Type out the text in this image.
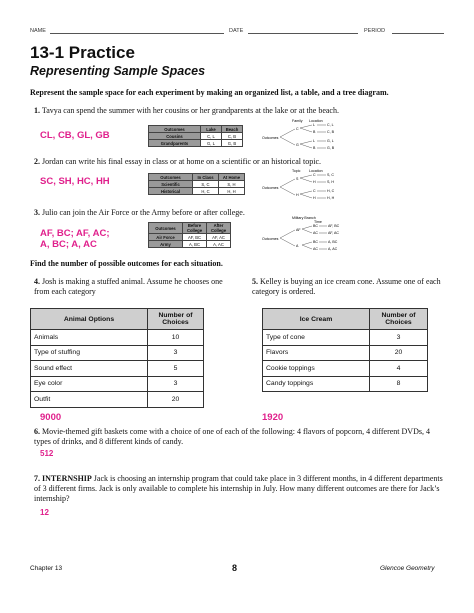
NAME	DATE	PERIOD
13-1 Practice
Representing Sample Spaces
Represent the sample space for each experiment by making an organized list, a table, and a tree diagram.
1. Tavya can spend the summer with her cousins or her grandparents at the lake or at the beach.
CL, CB, GL, GB
Outcomes	Lake	Beach
Cousins	C, L	C, B
Grandparents	G, L	G, B
Family Location
Outcomes
C
G
L
B
L
B
C, L
C, B
G, L
G, B
2. Jordan can write his final essay in class or at home on a scientific or an historical topic.
SC, SH, HC, HH	Outcomes	In Class	At Home
Scientific	S, C	S, H
Historical	H, C	H, H
Topic Location
Outcomes
S
H
C
H
C
H
S, C
S, H
H, C
H, H
3. Julio can join the Air Force or the Army before or after college.
AF, BC; AF, AC;
A, BC; A, AC
Outcomes	Before College	After College
Air Force	AF, BC	AF, AC
Army	A, BC	A, AC
Military Branch
Time
Outcomes
AF
A
BC
AC
BC
AC
AF, BC
AF, AC
A, BC
A, AC
Find the number of possible outcomes for each situation.
4. Josh is making a stuffed animal. Assume he chooses one from each category
Animal Options	Number of Choices
Animals	10
Type of stuffing	3
Sound effect	5
Eye color	3
Outfit	20
9000
5. Kelley is buying an ice cream cone. Assume one of each category is ordered.
Ice Cream	Number of Choices
Type of cone	3
Flavors	20
Cookie toppings	4
Candy toppings	8
1920
6. Movie-themed gift baskets come with a choice of one of each of the following: 4 flavors of popcorn, 4 different DVDs, 4 types of drinks, and 8 different kinds of candy.
512
7. INTERNSHIP Jack is choosing an internship program that could take place in 3 different months, in 4 different departments of 3 different firms. Jack is only available to complete his internship in July. How many different outcomes are there for Jack’s internship?
12
Chapter 13	8	Glencoe Geometry
